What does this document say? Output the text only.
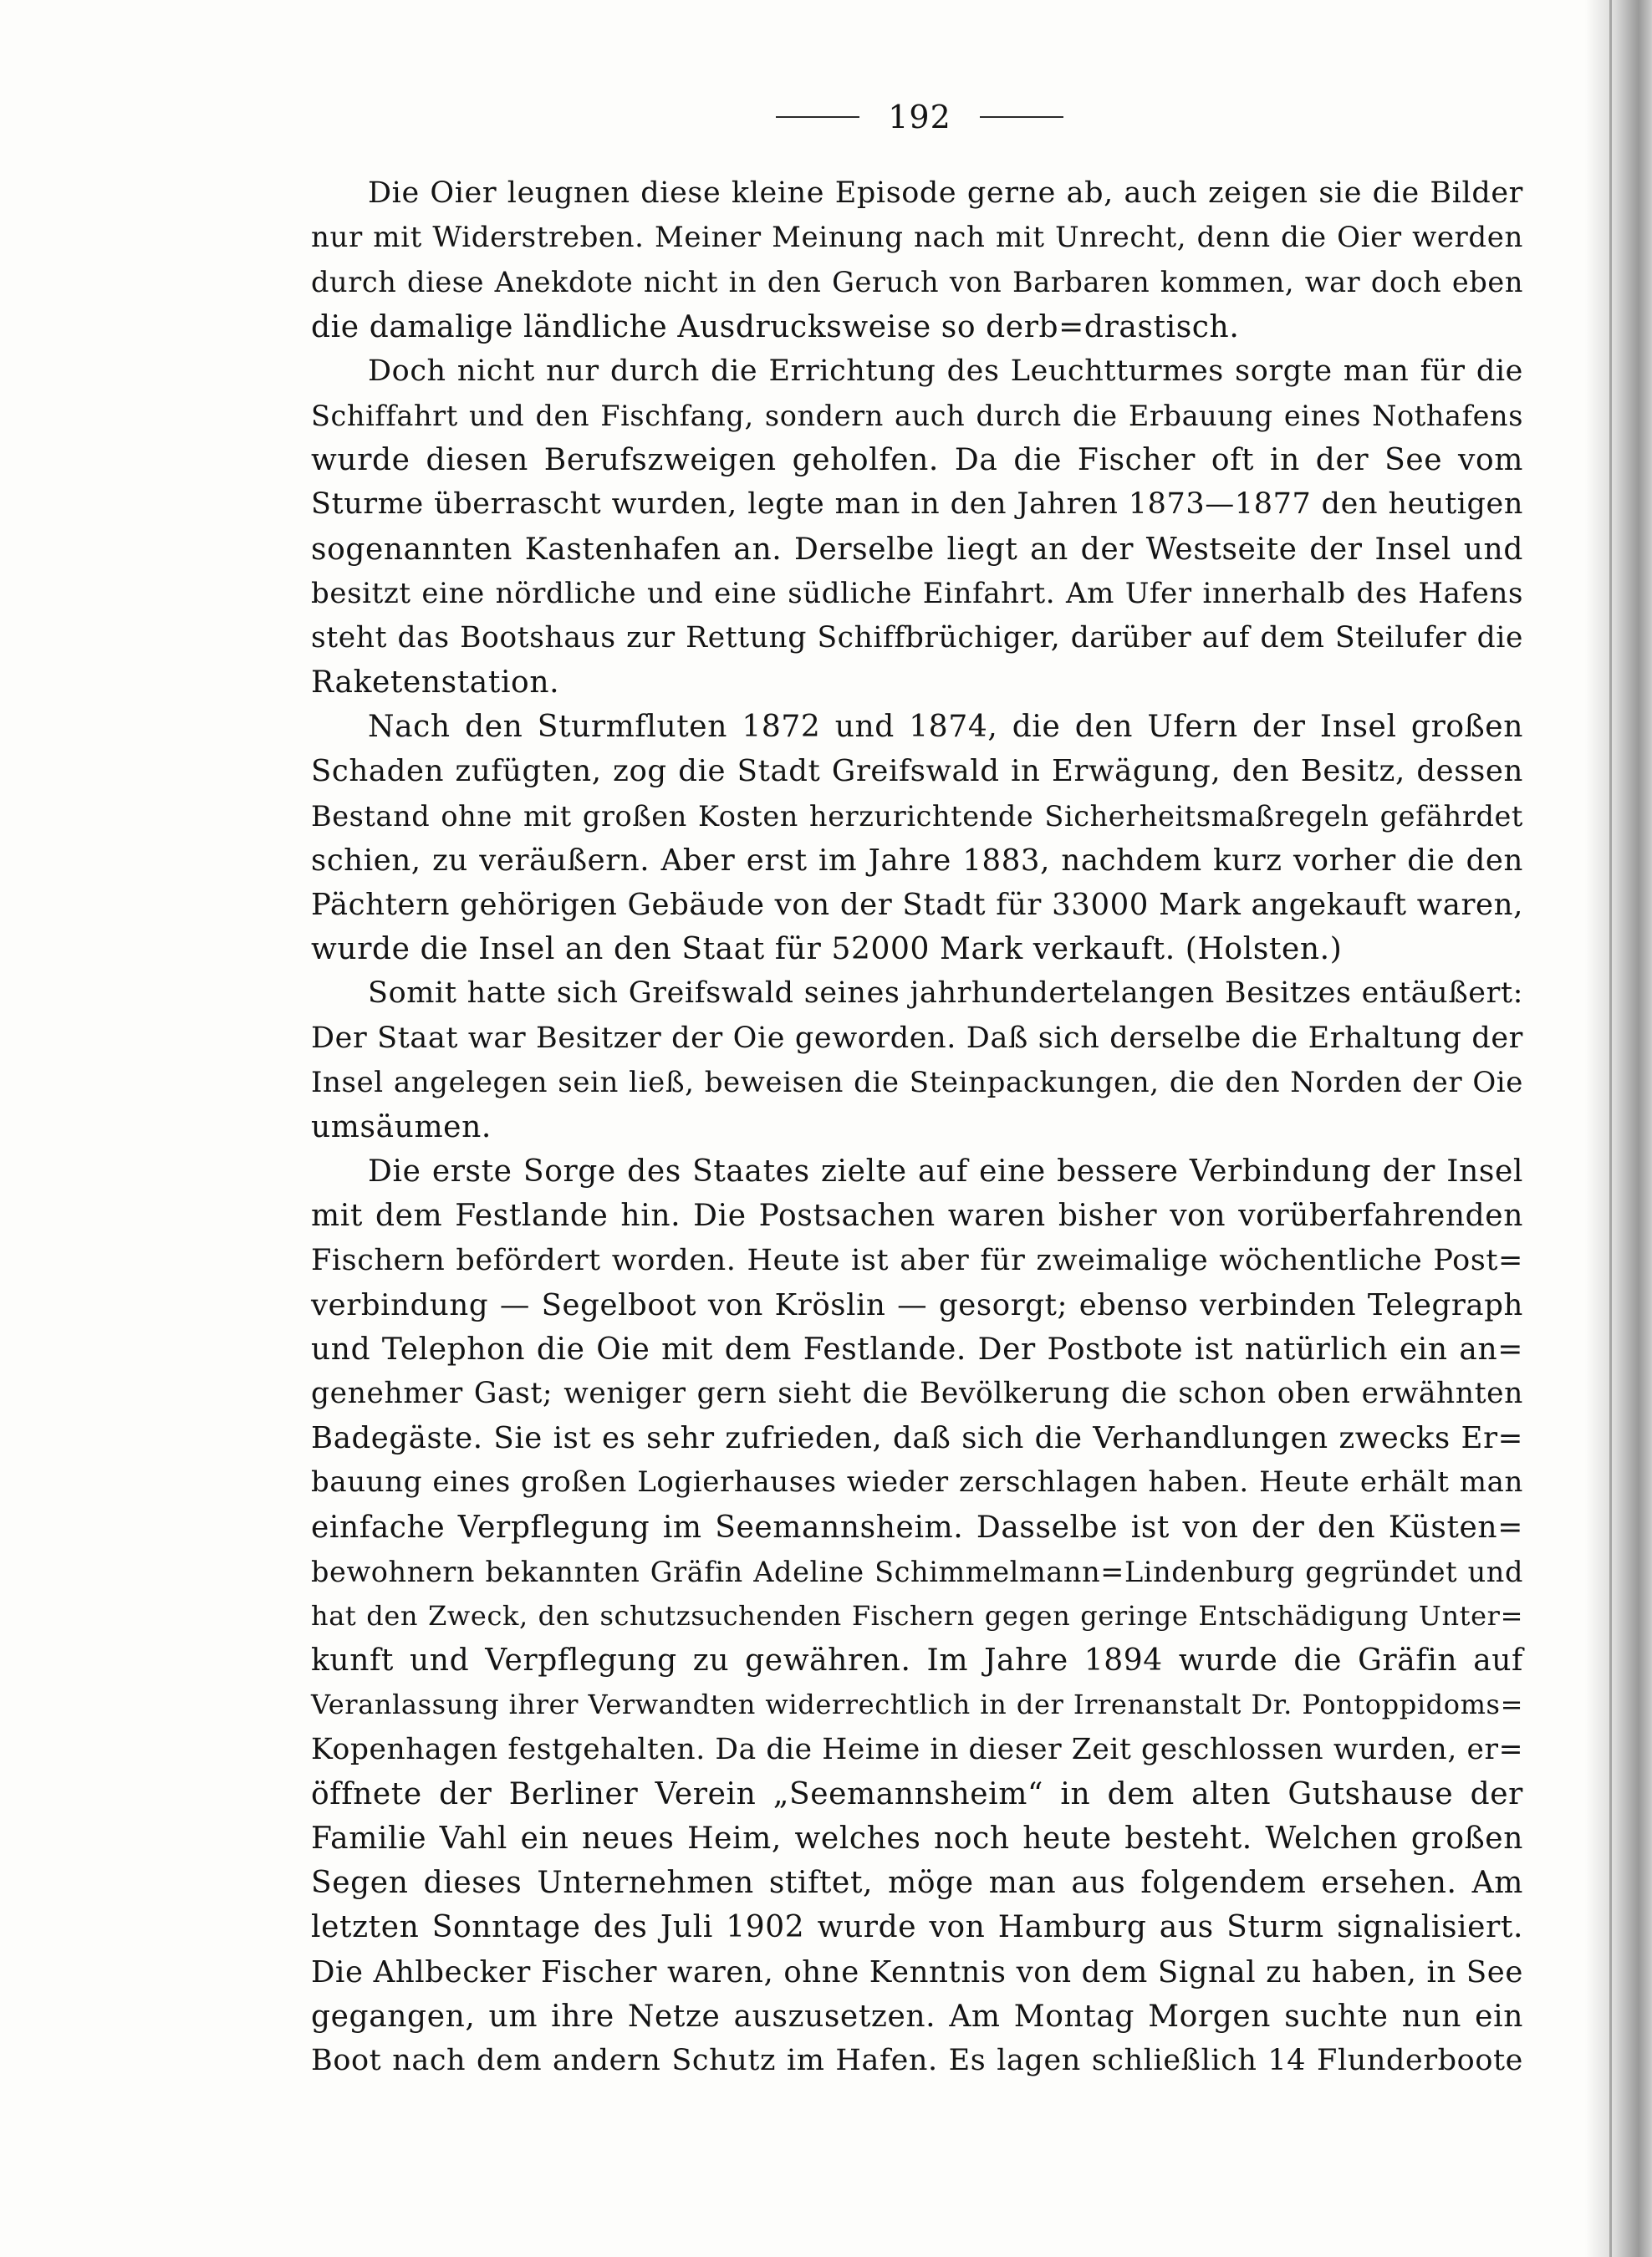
192
Die Oier leugnen diese kleine Episode gerne ab, auch zeigen sie die Bilder
nur mit Widerstreben. Meiner Meinung nach mit Unrecht, denn die Oier werden
durch diese Anekdote nicht in den Geruch von Barbaren kommen, war doch eben
die damalige ländliche Ausdrucksweise so derb=drastisch.
Doch nicht nur durch die Errichtung des Leuchtturmes sorgte man für die
Schiffahrt und den Fischfang, sondern auch durch die Erbauung eines Nothafens
wurde diesen Berufszweigen geholfen. Da die Fischer oft in der See vom
Sturme überrascht wurden, legte man in den Jahren 1873—1877 den heutigen
sogenannten Kastenhafen an. Derselbe liegt an der Westseite der Insel und
besitzt eine nördliche und eine südliche Einfahrt. Am Ufer innerhalb des Hafens
steht das Bootshaus zur Rettung Schiffbrüchiger, darüber auf dem Steilufer die
Raketenstation.
Nach den Sturmfluten 1872 und 1874, die den Ufern der Insel großen
Schaden zufügten, zog die Stadt Greifswald in Erwägung, den Besitz, dessen
Bestand ohne mit großen Kosten herzurichtende Sicherheitsmaßregeln gefährdet
schien, zu veräußern. Aber erst im Jahre 1883, nachdem kurz vorher die den
Pächtern gehörigen Gebäude von der Stadt für 33000 Mark angekauft waren,
wurde die Insel an den Staat für 52000 Mark verkauft. (Holsten.)
Somit hatte sich Greifswald seines jahrhundertelangen Besitzes entäußert:
Der Staat war Besitzer der Oie geworden. Daß sich derselbe die Erhaltung der
Insel angelegen sein ließ, beweisen die Steinpackungen, die den Norden der Oie
umsäumen.
Die erste Sorge des Staates zielte auf eine bessere Verbindung der Insel
mit dem Festlande hin. Die Postsachen waren bisher von vorüberfahrenden
Fischern befördert worden. Heute ist aber für zweimalige wöchentliche Post=
verbindung — Segelboot von Kröslin — gesorgt; ebenso verbinden Telegraph
und Telephon die Oie mit dem Festlande. Der Postbote ist natürlich ein an=
genehmer Gast; weniger gern sieht die Bevölkerung die schon oben erwähnten
Badegäste. Sie ist es sehr zufrieden, daß sich die Verhandlungen zwecks Er=
bauung eines großen Logierhauses wieder zerschlagen haben. Heute erhält man
einfache Verpflegung im Seemannsheim. Dasselbe ist von der den Küsten=
bewohnern bekannten Gräfin Adeline Schimmelmann=Lindenburg gegründet und
hat den Zweck, den schutzsuchenden Fischern gegen geringe Entschädigung Unter=
kunft und Verpflegung zu gewähren. Im Jahre 1894 wurde die Gräfin auf
Veranlassung ihrer Verwandten widerrechtlich in der Irrenanstalt Dr. Pontoppidoms=
Kopenhagen festgehalten. Da die Heime in dieser Zeit geschlossen wurden, er=
öffnete der Berliner Verein „Seemannsheim“ in dem alten Gutshause der
Familie Vahl ein neues Heim, welches noch heute besteht. Welchen großen
Segen dieses Unternehmen stiftet, möge man aus folgendem ersehen. Am
letzten Sonntage des Juli 1902 wurde von Hamburg aus Sturm signalisiert.
Die Ahlbecker Fischer waren, ohne Kenntnis von dem Signal zu haben, in See
gegangen, um ihre Netze auszusetzen. Am Montag Morgen suchte nun ein
Boot nach dem andern Schutz im Hafen. Es lagen schließlich 14 Flunderboote
